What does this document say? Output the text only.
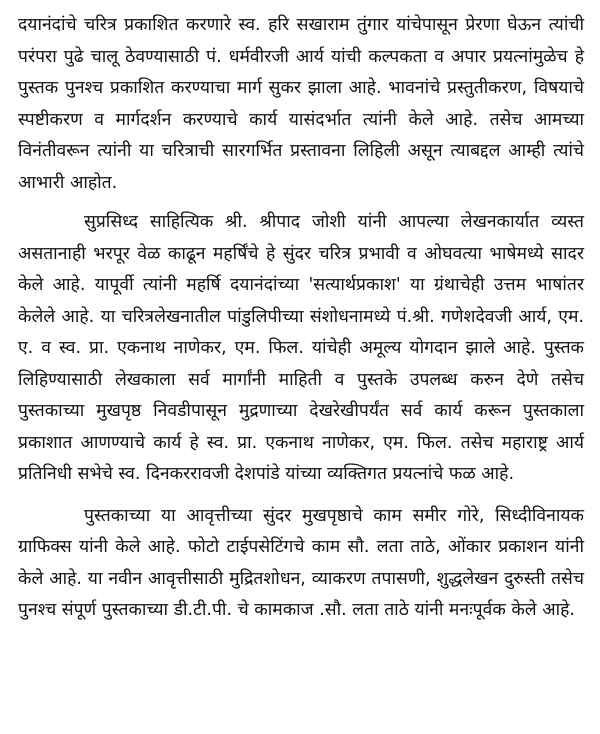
दयानंदांचे चरित्र प्रकाशित करणारे स्व. हरि सखाराम तुंगार यांचेपासून प्रेरणा घेऊन त्यांची परंपरा पुढे चालू ठेवण्यासाठी पं. धर्मवीरजी आर्य यांची कल्पकता व अपार प्रयत्नांमुळेच हे पुस्तक पुनश्च प्रकाशित करण्याचा मार्ग सुकर झाला आहे. भावनांचे प्रस्तुतीकरण, विषयाचे स्पष्टीकरण व मार्गदर्शन करण्याचे कार्य यासंदर्भात त्यांनी केले आहे. तसेच आमच्या विनंतीवरून त्यांनी या चरित्राची सारगर्भित प्रस्तावना लिहिली असून त्याबद्दल आम्ही त्यांचे आभारी आहोत.

सुप्रसिध्द साहित्यिक श्री. श्रीपाद जोशी यांनी आपल्या लेखनकार्यात व्यस्त असतानाही भरपूर वेळ काढून महर्षिंचे हे सुंदर चरित्र प्रभावी व ओघवत्या भाषेमध्ये सादर केले आहे. यापूर्वी त्यांनी महर्षि दयानंदांच्या 'सत्यार्थप्रकाश' या ग्रंथाचेही उत्तम भाषांतर केलेले आहे. या चरित्रलेखनातील पांडुलिपीच्या संशोधनामध्ये पं.श्री. गणेशदेवजी आर्य, एम. ए. व स्व. प्रा. एकनाथ नाणेकर, एम. फिल. यांचेही अमूल्य योगदान झाले आहे. पुस्तक लिहिण्यासाठी लेखकाला सर्व मार्गांनी माहिती व पुस्तके उपलब्ध करुन देणे तसेच पुस्तकाच्या मुखपृष्ठ निवडीपासून मुद्रणाच्या देखरेखीपर्यंत सर्व कार्य करून पुस्तकाला प्रकाशात आणण्याचे कार्य हे स्व. प्रा. एकनाथ नाणेकर, एम. फिल. तसेच महाराष्ट्र आर्य प्रतिनिधी सभेचे स्व. दिनकररावजी देशपांडे यांच्या व्यक्तिगत प्रयत्नांचे फळ आहे.

पुस्तकाच्या या आवृत्तीच्या सुंदर मुखपृष्ठाचे काम समीर गोरे, सिध्दीविनायक ग्राफिक्स यांनी केले आहे. फोटो टाईपसेटिंगचे काम सौ. लता ताठे, ओंकार प्रकाशन यांनी केले आहे. या नवीन आवृत्तीसाठी मुद्रितशोधन, व्याकरण तपासणी, शुद्धलेखन दुरुस्ती तसेच पुनश्च संपूर्ण पुस्तकाच्या डी.टी.पी. चे कामकाज .सौ. लता ताठे यांनी मनःपूर्वक केले आहे.
